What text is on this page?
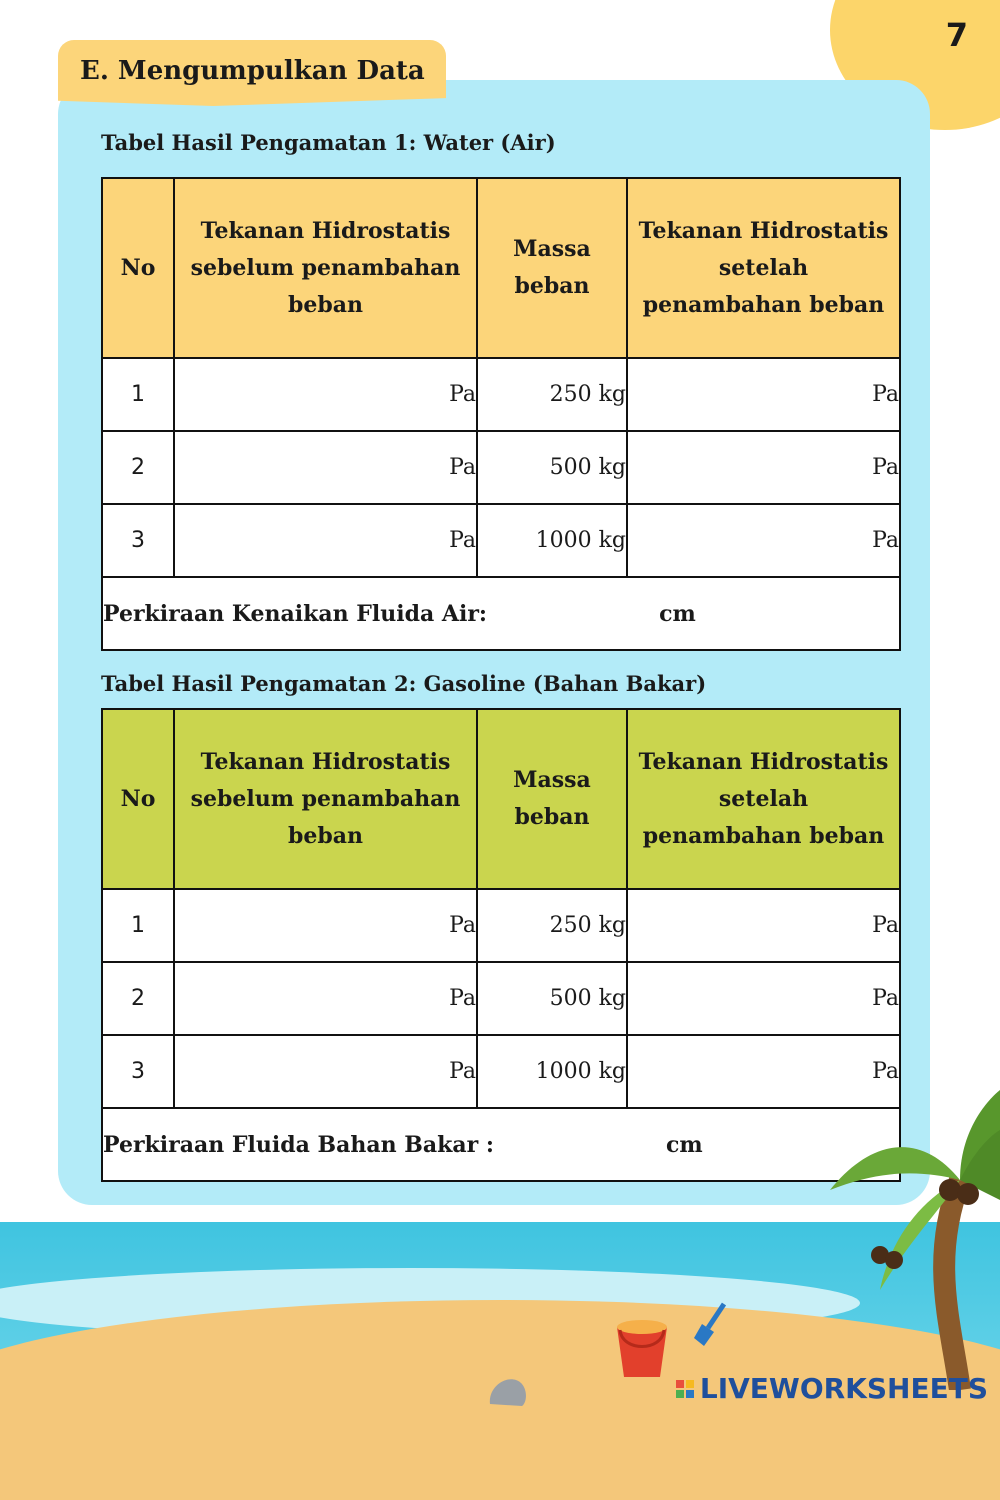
7
E. Mengumpulkan Data
Tabel Hasil Pengamatan 1: Water (Air)
No	Tekanan Hidrostatis sebelum penambahan beban	Massa beban	Tekanan Hidrostatis setelah penambahan beban
1	Pa	250 kg	Pa
2	Pa	500 kg	Pa
3	Pa	1000 kg	Pa
Perkiraan Kenaikan Fluida Air: cm			
Tabel Hasil Pengamatan 2: Gasoline (Bahan Bakar)
No	Tekanan Hidrostatis sebelum penambahan beban	Massa beban	Tekanan Hidrostatis setelah penambahan beban
1	Pa	250 kg	Pa
2	Pa	500 kg	Pa
3	Pa	1000 kg	Pa
Perkiraan Fluida Bahan Bakar : cm			
LIVEWORKSHEETS
